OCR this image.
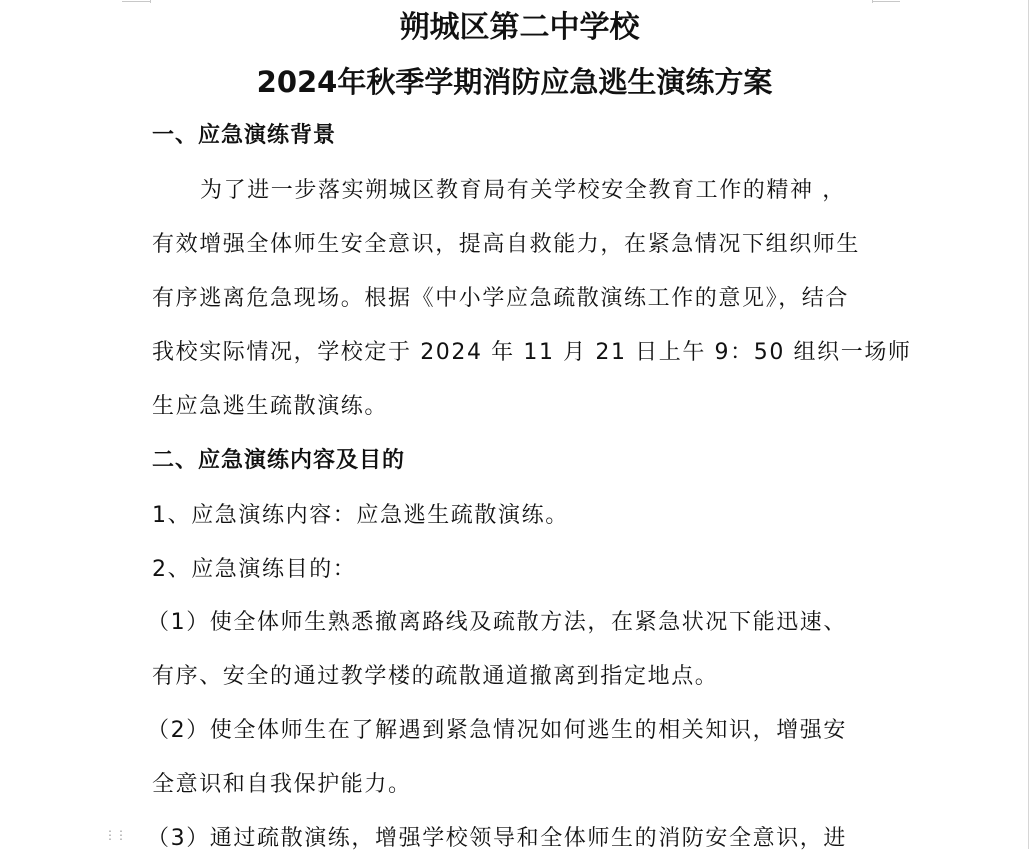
朔城区第二中学校
2024年秋季学期消防应急逃生演练方案
一、应急演练背景
为了进一步落实朔城区教育局有关学校安全教育工作的精神 ，
有效增强全体师生安全意识，提高自救能力，在紧急情况下组织师生
有序逃离危急现场。根据《中小学应急疏散演练工作的意见》，结合
我校实际情况，学校定于 2024 年 11 月 21 日上午 9：50 组织一场师
生应急逃生疏散演练。
二、应急演练内容及目的
1、应急演练内容：应急逃生疏散演练。
2、应急演练目的：
（1）使全体师生熟悉撤离路线及疏散方法，在紧急状况下能迅速、
有序、安全的通过教学楼的疏散通道撤离到指定地点。
（2）使全体师生在了解遇到紧急情况如何逃生的相关知识，增强安
全意识和自我保护能力。
（3）通过疏散演练，增强学校领导和全体师生的消防安全意识，进
⋮⋮
